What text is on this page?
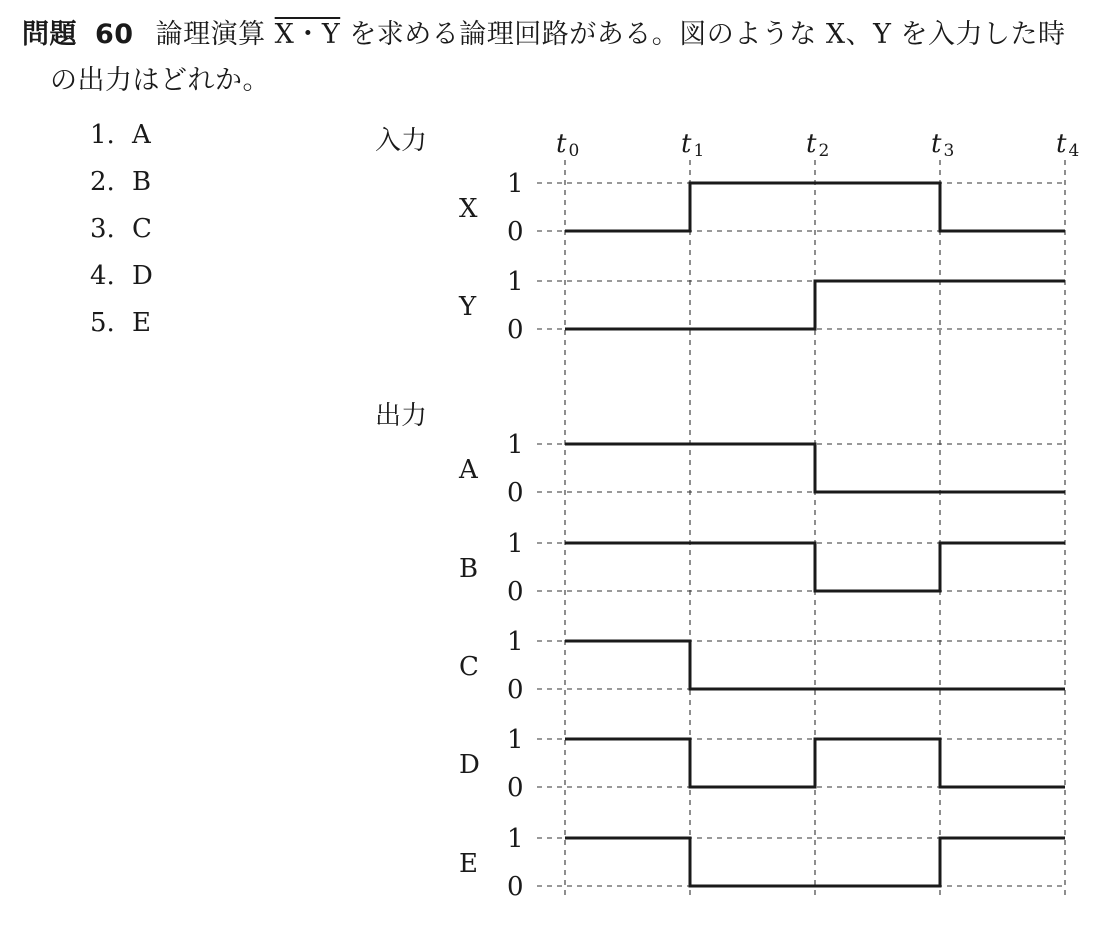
問題 60 論理演算 X・Y を求める論理回路がある。図のような X、Y を入力した時
の出力はどれか。
1. A
2. B
3. C
4. D
5. E
入力
出力
t 0	t 1	t 2	t 3	t 4
1
0
X
1
0
Y
1
0
A
1
0
B
1
0
C
1
0
D
1
0
E
